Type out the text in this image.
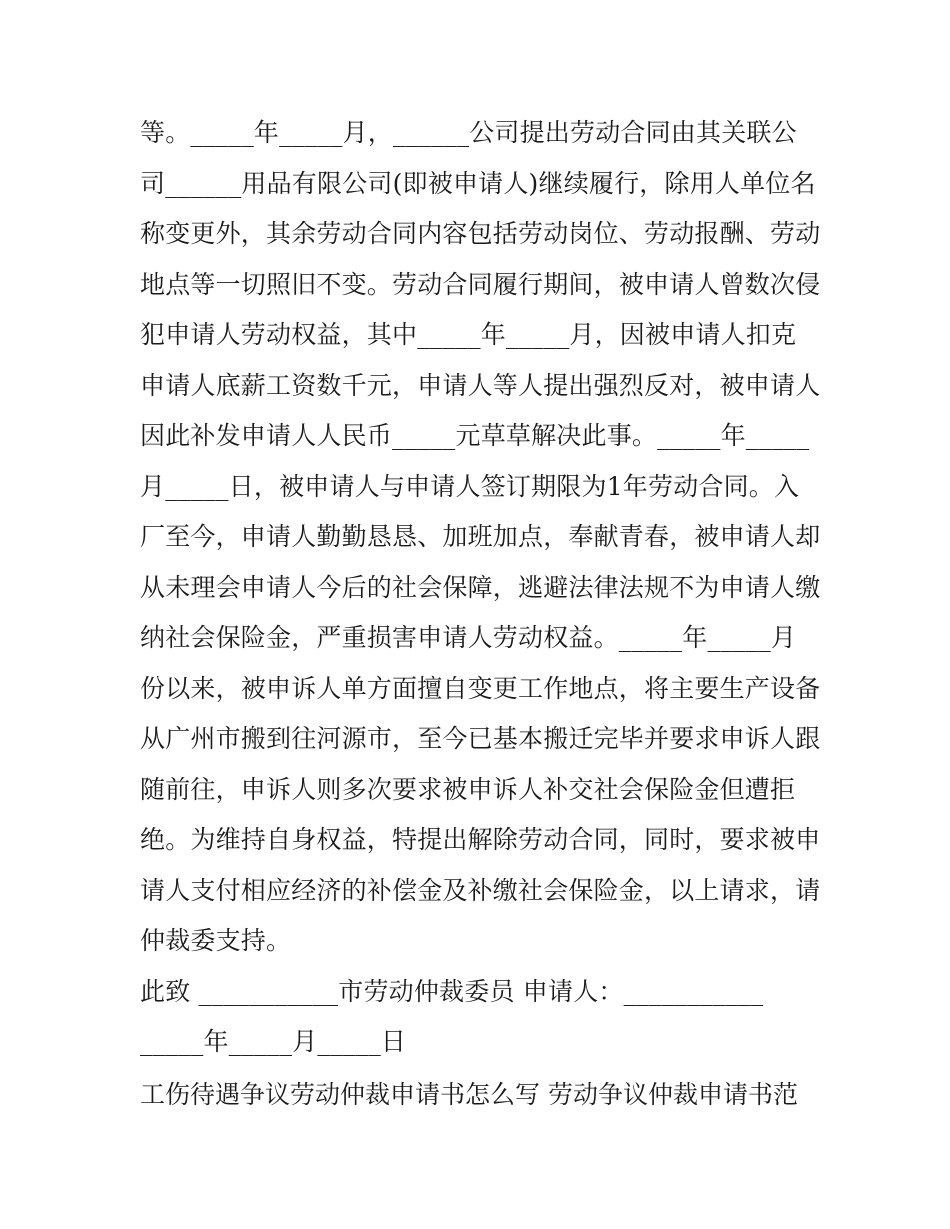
等。_____年_____月，______公司提出劳动合同由其关联公
司______用品有限公司(即被申请人)继续履行，除用人单位名
称变更外，其余劳动合同内容包括劳动岗位、劳动报酬、劳动
地点等一切照旧不变。劳动合同履行期间，被申请人曾数次侵
犯申请人劳动权益，其中_____年_____月，因被申请人扣克
申请人底薪工资数千元，申请人等人提出强烈反对，被申请人
因此补发申请人人民币_____元草草解决此事。_____年_____
月_____日，被申请人与申请人签订期限为1年劳动合同。入
厂至今，申请人勤勤恳恳、加班加点，奉献青春，被申请人却
从未理会申请人今后的社会保障，逃避法律法规不为申请人缴
纳社会保险金，严重损害申请人劳动权益。_____年_____月
份以来，被申诉人单方面擅自变更工作地点，将主要生产设备
从广州市搬到往河源市，至今已基本搬迁完毕并要求申诉人跟
随前往，申诉人则多次要求被申诉人补交社会保险金但遭拒
绝。为维持自身权益，特提出解除劳动合同，同时，要求被申
请人支付相应经济的补偿金及补缴社会保险金，以上请求，请
仲裁委支持。
此致 ___________市劳动仲裁委员 申请人：___________
_____年_____月_____日
工伤待遇争议劳动仲裁申请书怎么写 劳动争议仲裁申请书范
